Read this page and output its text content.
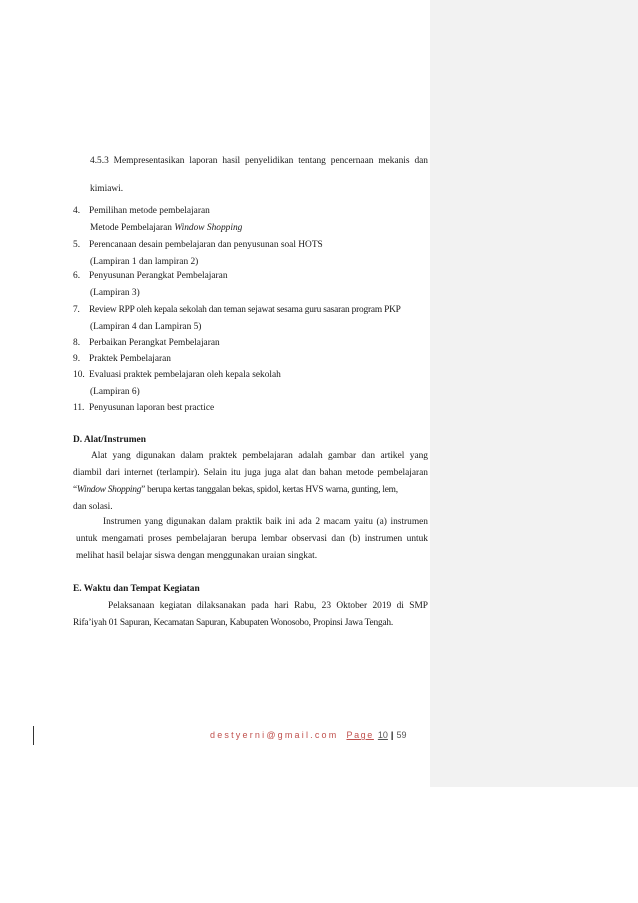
4.5.3 Mempresentasikan laporan hasil penyelidikan tentang pencernaan mekanis dan
kimiawi.
4. Pemilihan metode pembelajaran
Metode Pembelajaran Window Shopping
5. Perencanaan desain pembelajaran dan penyusunan soal HOTS
(Lampiran 1 dan lampiran 2)
6. Penyusunan Perangkat Pembelajaran
(Lampiran 3)
7. Review RPP oleh kepala sekolah dan teman sejawat sesama guru sasaran program PKP
(Lampiran 4 dan Lampiran 5)
8. Perbaikan Perangkat Pembelajaran
9. Praktek Pembelajaran
10. Evaluasi praktek pembelajaran oleh kepala sekolah
(Lampiran 6)
11. Penyusunan laporan best practice
D. Alat/Instrumen
Alat yang digunakan dalam praktek pembelajaran adalah gambar dan artikel yang
diambil dari internet (terlampir). Selain itu juga juga alat dan bahan metode pembelajaran
“Window Shopping” berupa kertas tanggalan bekas, spidol, kertas HVS warna, gunting, lem,
dan solasi.
Instrumen yang digunakan dalam praktik baik ini ada 2 macam yaitu (a) instrumen
untuk mengamati proses pembelajaran berupa lembar observasi dan (b) instrumen untuk
melihat hasil belajar siswa dengan menggunakan uraian singkat.
E. Waktu dan Tempat Kegiatan
Pelaksanaan kegiatan dilaksanakan pada hari Rabu, 23 Oktober 2019 di SMP
Rifa’iyah 01 Sapuran, Kecamatan Sapuran, Kabupaten Wonosobo, Propinsi Jawa Tengah.
destyerni@gmail.com Page 10 | 59
